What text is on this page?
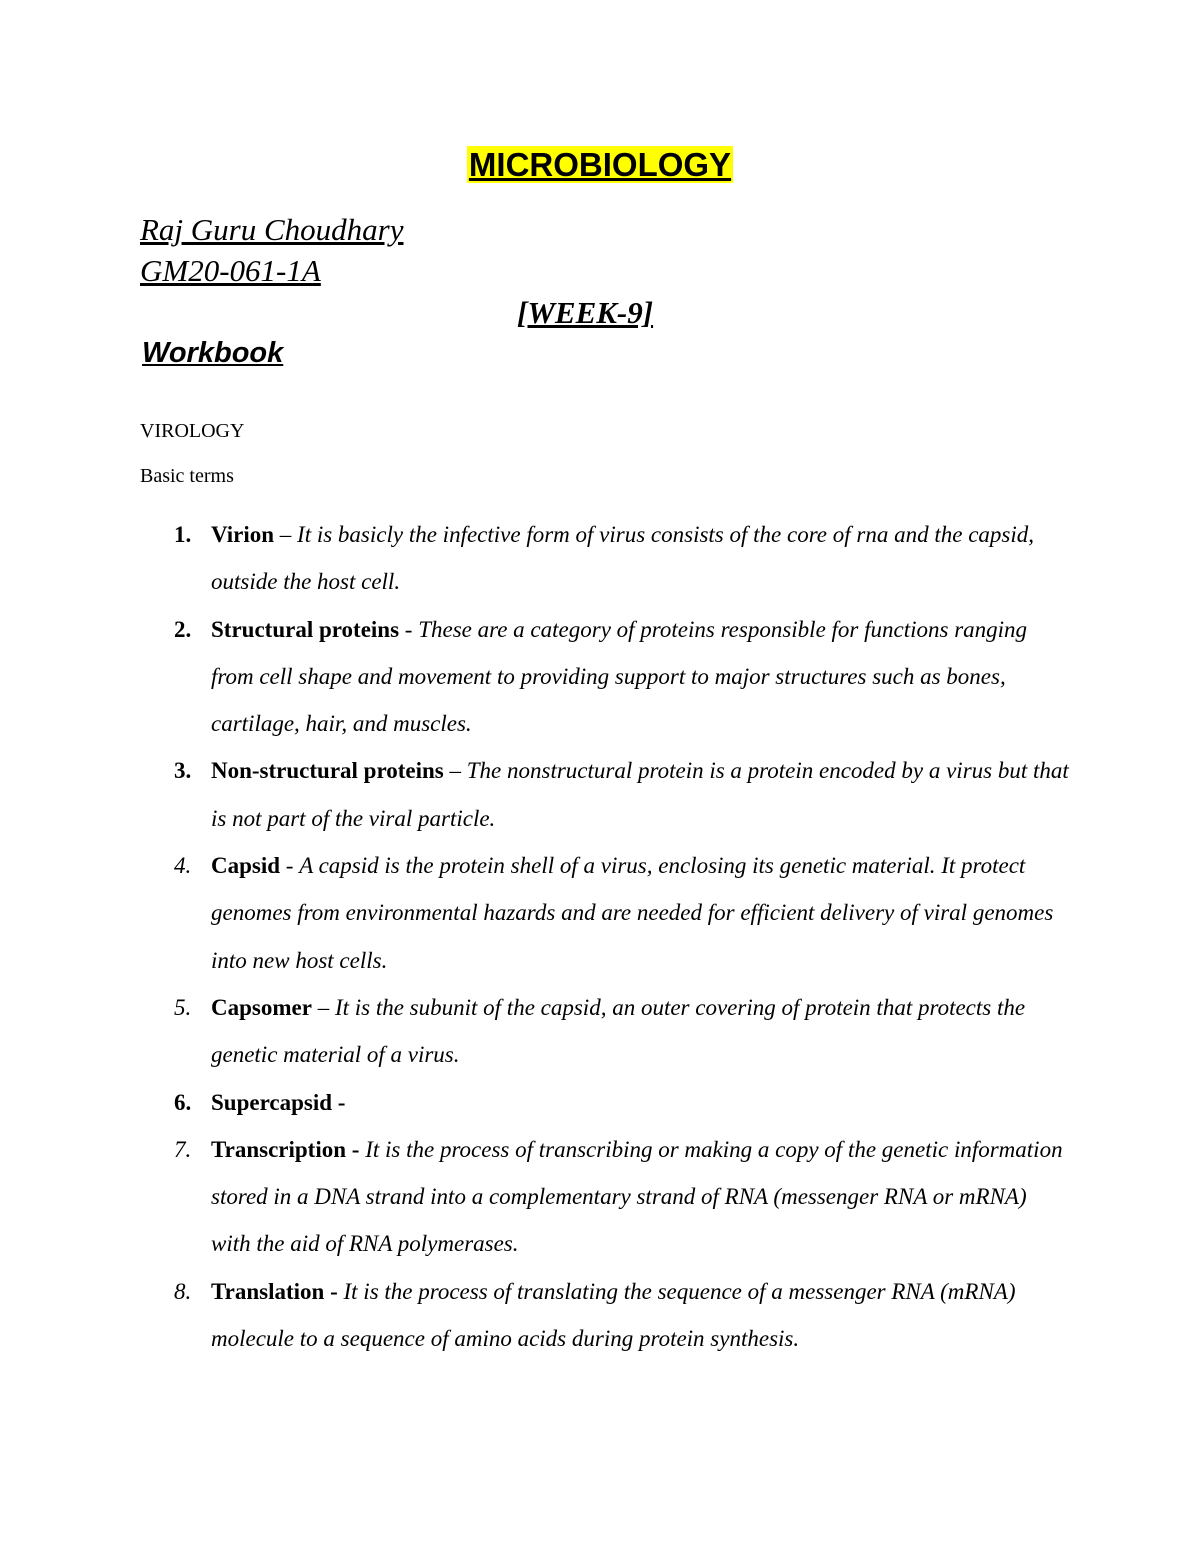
MICROBIOLOGY
Raj Guru Choudhary
GM20-061-1A
[WEEK-9]
Workbook
VIROLOGY
Basic terms
1. Virion – It is basicly the infective form of virus consists of the core of rna and the capsid, outside the host cell.
2. Structural proteins - These are a category of proteins responsible for functions ranging from cell shape and movement to providing support to major structures such as bones, cartilage, hair, and muscles.
3. Non-structural proteins – The nonstructural protein is a protein encoded by a virus but that is not part of the viral particle.
4. Capsid - A capsid is the protein shell of a virus, enclosing its genetic material. It protect genomes from environmental hazards and are needed for efficient delivery of viral genomes into new host cells.
5. Capsomer – It is the subunit of the capsid, an outer covering of protein that protects the genetic material of a virus.
6. Supercapsid -
7. Transcription - It is the process of transcribing or making a copy of the genetic information stored in a DNA strand into a complementary strand of RNA (messenger RNA or mRNA) with the aid of RNA polymerases.
8. Translation - It is the process of translating the sequence of a messenger RNA (mRNA) molecule to a sequence of amino acids during protein synthesis.
